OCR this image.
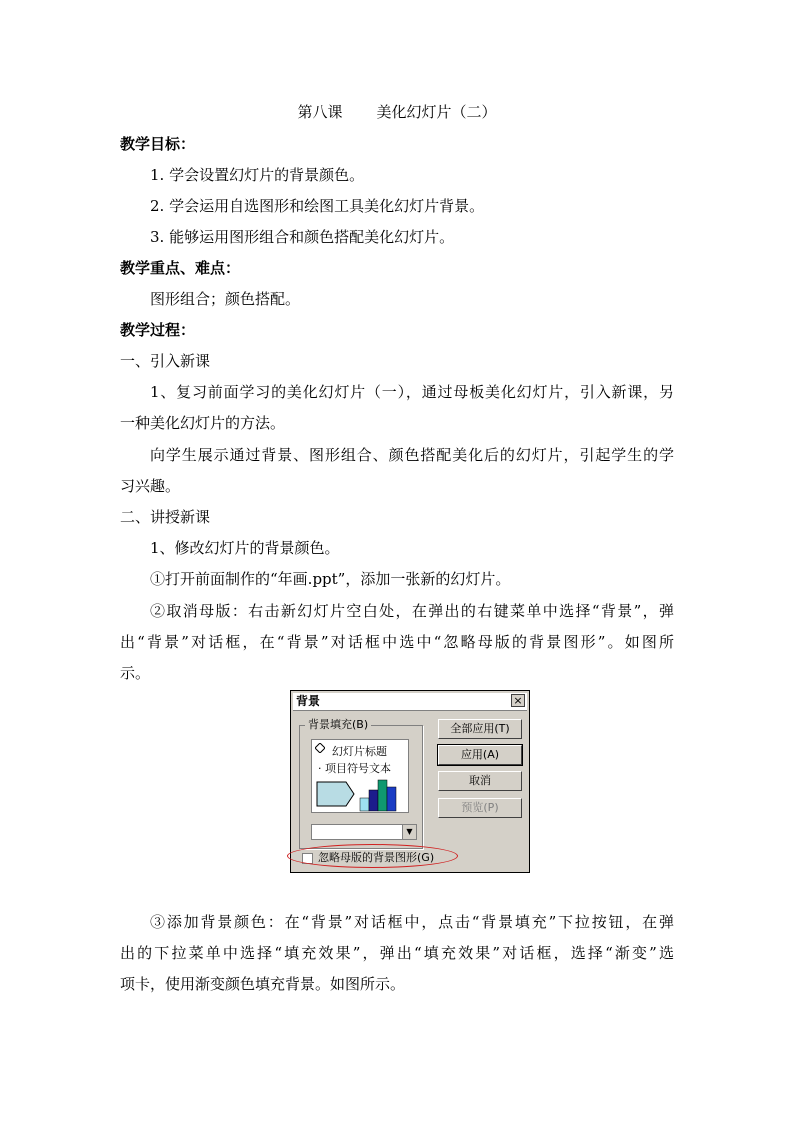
第八课 美化幻灯片（二）
教学目标：
1. 学会设置幻灯片的背景颜色。
2. 学会运用自选图形和绘图工具美化幻灯片背景。
3. 能够运用图形组合和颜色搭配美化幻灯片。
教学重点、难点：
图形组合；颜色搭配。
教学过程：
一、引入新课
1、复习前面学习的美化幻灯片（一），通过母板美化幻灯片，引入新课，另
一种美化幻灯片的方法。
向学生展示通过背景、图形组合、颜色搭配美化后的幻灯片，引起学生的学
习兴趣。
二、讲授新课
1、修改幻灯片的背景颜色。
①打开前面制作的“年画.ppt”，添加一张新的幻灯片。
②取消母版：右击新幻灯片空白处，在弹出的右键菜单中选择“背景”，弹
出“背景”对话框，在“背景”对话框中选中“忽略母版的背景图形”。如图所
示。
背景	×
背景填充(B)
幻灯片标题
· 项目符号文本
▼
全部应用(T)
应用(A)
取消
预览(P)
忽略母版的背景图形(G)
③添加背景颜色：在“背景”对话框中，点击“背景填充”下拉按钮，在弹
出的下拉菜单中选择“填充效果”，弹出“填充效果”对话框，选择“渐变”选
项卡，使用渐变颜色填充背景。如图所示。
